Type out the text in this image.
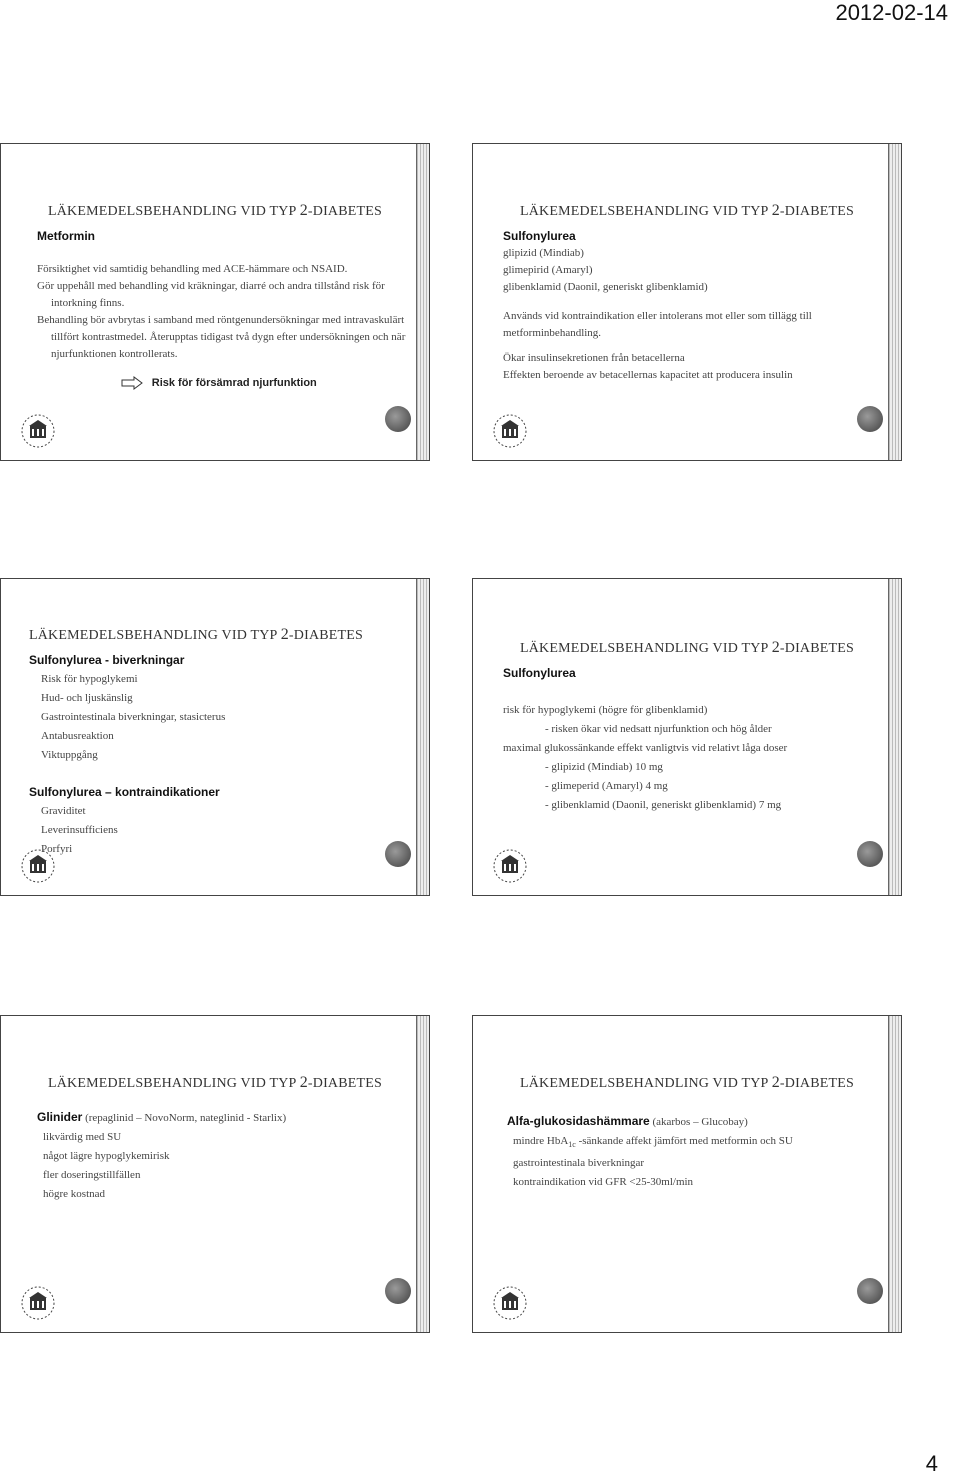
2012-02-14
LÄKEMEDELSBEHANDLING VID TYP 2-DIABETES

Metformin

Försiktighet vid samtidig behandling med ACE-hämmare och NSAID.

Gör uppehåll med behandling vid kräkningar, diarré och andra tillstånd risk för intorkning finns.

Behandling bör avbrytas i samband med röntgenundersökningar med intravaskulärt tillfört kontrastmedel. Återupptas tidigast två dygn efter undersökningen och när njurfunktionen kontrollerats.

Risk för försämrad njurfunktion

LÄKEMEDELSBEHANDLING VID TYP 2-DIABETES

Sulfonylurea

glipizid (Mindiab)

glimepirid (Amaryl)

glibenklamid (Daonil, generiskt glibenklamid)

Används vid kontraindikation eller intolerans mot eller som tillägg till metforminbehandling.

Ökar insulinsekretionen från betacellerna

Effekten beroende av betacellernas kapacitet att producera insulin

LÄKEMEDELSBEHANDLING VID TYP 2-DIABETES

Sulfonylurea - biverkningar

Risk för hypoglykemi

Hud- och ljuskänslig

Gastrointestinala biverkningar, stasicterus

Antabusreaktion

Viktuppgång

Sulfonylurea – kontraindikationer

Graviditet

Leverinsufficiens

Porfyri

LÄKEMEDELSBEHANDLING VID TYP 2-DIABETES

Sulfonylurea

risk för hypoglykemi (högre för glibenklamid)

- risken ökar vid nedsatt njurfunktion och hög ålder

maximal glukossänkande effekt vanligtvis vid relativt låga doser

- glipizid (Mindiab) 10 mg

- glimeperid (Amaryl) 4 mg

- glibenklamid (Daonil, generiskt glibenklamid) 7 mg

LÄKEMEDELSBEHANDLING VID TYP 2-DIABETES

Glinider (repaglinid – NovoNorm, nateglinid - Starlix)

likvärdig med SU

något lägre hypoglykemirisk

fler doseringstillfällen

högre kostnad

LÄKEMEDELSBEHANDLING VID TYP 2-DIABETES

Alfa-glukosidashämmare (akarbos – Glucobay)

mindre HbA$_{1c}$ -sänkande affekt jämfört med metformin och SU

gastrointestinala biverkningar

kontraindikation vid GFR <25-30ml/min

4
